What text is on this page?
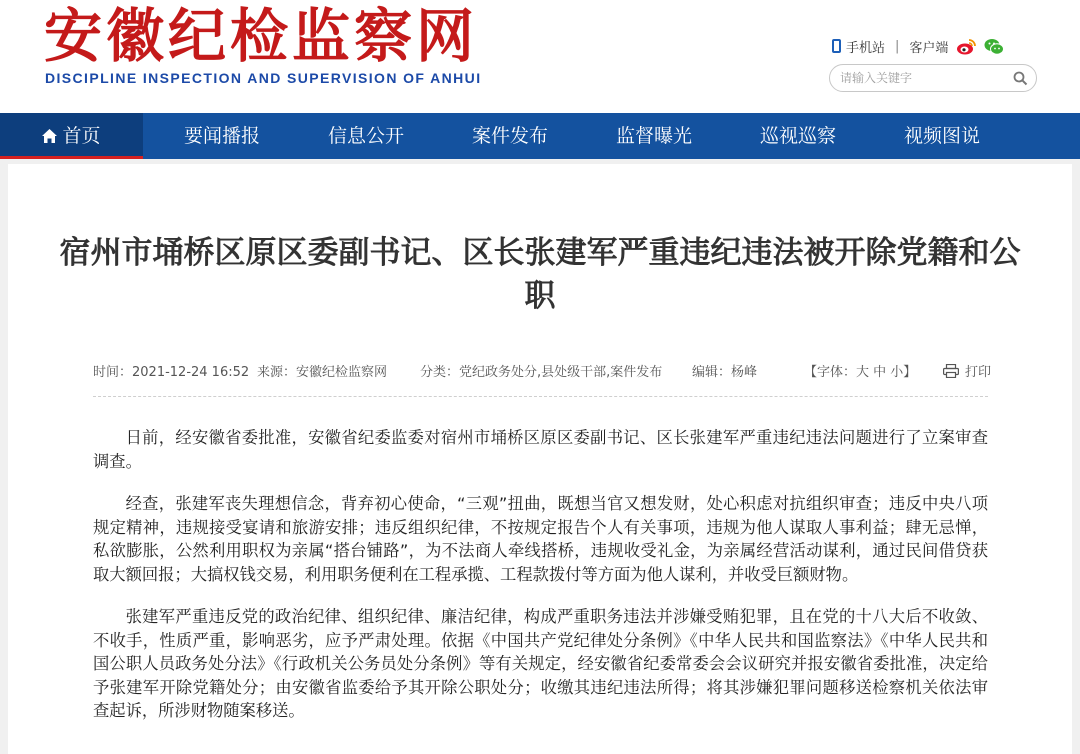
安徽纪检监察网
DISCIPLINE INSPECTION AND SUPERVISION OF ANHUI
手机站 | 客户端
请输入关键字
首页	要闻播报	信息公开	案件发布	监督曝光	巡视巡察	视频图说
宿州市埇桥区原区委副书记、区长张建军严重违纪违法被开除党籍和公职
时间：2021-12-24 16:52 来源：安徽纪检监察网	分类：党纪政务处分,县处级干部,案件发布 编辑：杨峰	【字体：大 中 小】	打印

日前，经安徽省委批准，安徽省纪委监委对宿州市埇桥区原区委副书记、区长张建军严重违纪违法问题进行了立案审查调查。

经查，张建军丧失理想信念，背弃初心使命，“三观”扭曲，既想当官又想发财，处心积虑对抗组织审查；违反中央八项规定精神，违规接受宴请和旅游安排；违反组织纪律，不按规定报告个人有关事项，违规为他人谋取人事利益；肆无忌惮，私欲膨胀，公然利用职权为亲属“搭台铺路”，为不法商人牵线搭桥，违规收受礼金，为亲属经营活动谋利，通过民间借贷获取大额回报；大搞权钱交易，利用职务便利在工程承揽、工程款拨付等方面为他人谋利，并收受巨额财物。

张建军严重违反党的政治纪律、组织纪律、廉洁纪律，构成严重职务违法并涉嫌受贿犯罪，且在党的十八大后不收敛、不收手，性质严重，影响恶劣，应予严肃处理。依据《中国共产党纪律处分条例》《中华人民共和国监察法》《中华人民共和国公职人员政务处分法》《行政机关公务员处分条例》等有关规定，经安徽省纪委常委会会议研究并报安徽省委批准，决定给予张建军开除党籍处分；由安徽省监委给予其开除公职处分；收缴其违纪违法所得；将其涉嫌犯罪问题移送检察机关依法审查起诉，所涉财物随案移送。
